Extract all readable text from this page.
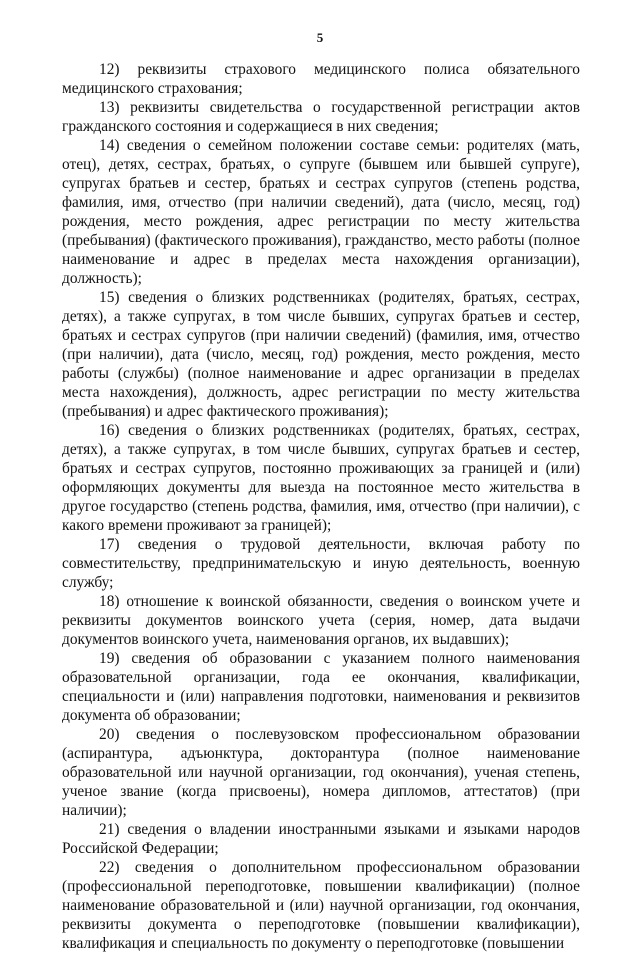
5

12) реквизиты страхового медицинского полиса обязательного медицинского страхования;

13) реквизиты свидетельства о государственной регистрации актов гражданского состояния и содержащиеся в них сведения;

14) сведения о семейном положении составе семьи: родителях (мать, отец), детях, сестрах, братьях, о супруге (бывшем или бывшей супруге), супругах братьев и сестер, братьях и сестрах супругов (степень родства, фамилия, имя, отчество (при наличии сведений), дата (число, месяц, год) рождения, место рождения, адрес регистрации по месту жительства (пребывания) (фактического проживания), гражданство, место работы (полное наименование и адрес в пределах места нахождения организации), должность);

15) сведения о близких родственниках (родителях, братьях, сестрах, детях), а также супругах, в том числе бывших, супругах братьев и сестер, братьях и сестрах супругов (при наличии сведений) (фамилия, имя, отчество (при наличии), дата (число, месяц, год) рождения, место рождения, место работы (службы) (полное наименование и адрес организации в пределах места нахождения), должность, адрес регистрации по месту жительства (пребывания) и адрес фактического проживания);

16) сведения о близких родственниках (родителях, братьях, сестрах, детях), а также супругах, в том числе бывших, супругах братьев и сестер, братьях и сестрах супругов, постоянно проживающих за границей и (или) оформляющих документы для выезда на постоянное место жительства в другое государство (степень родства, фамилия, имя, отчество (при наличии), с какого времени проживают за границей);

17) сведения о трудовой деятельности, включая работу по совместительству, предпринимательскую и иную деятельность, военную службу;

18) отношение к воинской обязанности, сведения о воинском учете и реквизиты документов воинского учета (серия, номер, дата выдачи документов воинского учета, наименования органов, их выдавших);

19) сведения об образовании с указанием полного наименования образовательной организации, года ее окончания, квалификации, специальности и (или) направления подготовки, наименования и реквизитов документа об образовании;

20) сведения о послевузовском профессиональном образовании (аспирантура, адъюнктура, докторантура (полное наименование образовательной или научной организации, год окончания), ученая степень, ученое звание (когда присвоены), номера дипломов, аттестатов) (при наличии);

21) сведения о владении иностранными языками и языками народов Российской Федерации;

22) сведения о дополнительном профессиональном образовании (профессиональной переподготовке, повышении квалификации) (полное наименование образовательной и (или) научной организации, год окончания, реквизиты документа о переподготовке (повышении квалификации), квалификация и специальность по документу о переподготовке (повышении
